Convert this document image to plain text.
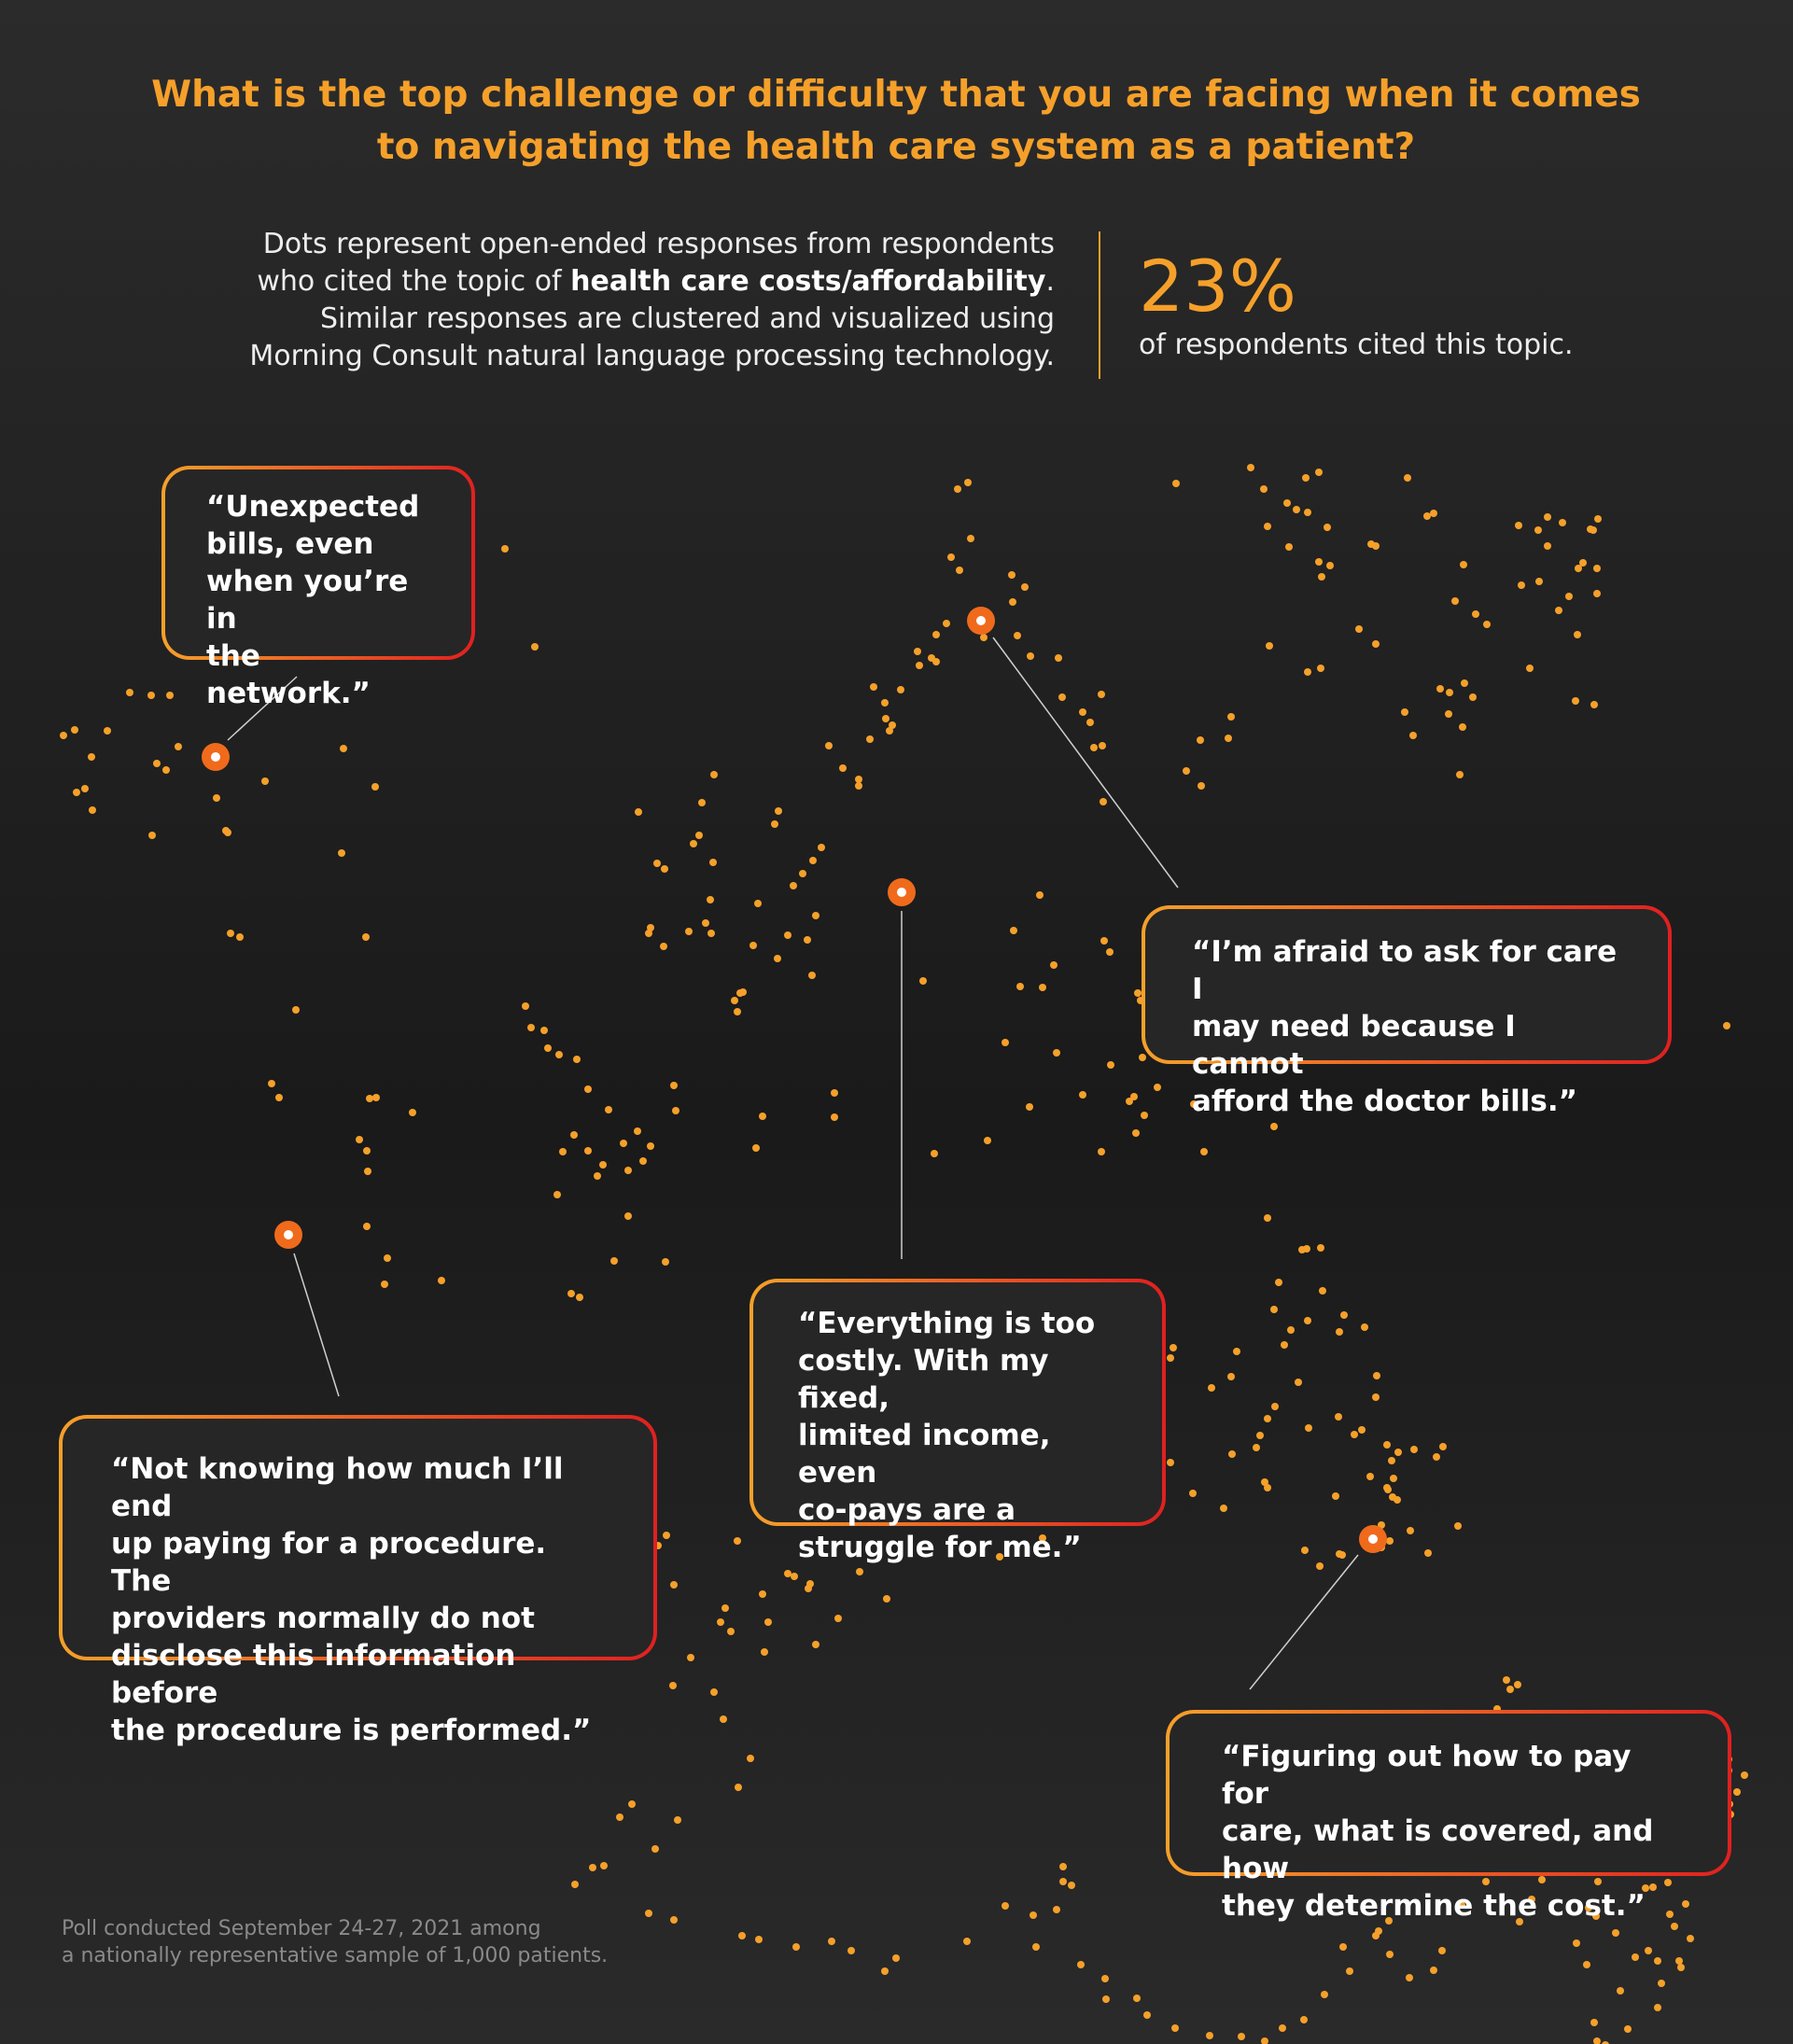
What is the top challenge or difficulty that you are facing when it comes to navigating the health care system as a patient?

Dots represent open-ended responses from respondents
who cited the topic of health care costs/affordability.
Similar responses are clustered and visualized using
Morning Consult natural language processing technology.

23%
of respondents cited this topic.

“Unexpected
bills, even
when you’re in
the network.”

“I’m afraid to ask for care I
may need because I cannot
afford the doctor bills.”

“Everything is too
costly. With my fixed,
limited income, even
co-pays are a
struggle for me.”

“Not knowing how much I’ll end
up paying for a procedure. The
providers normally do not
disclose this information before
the procedure is performed.”

“Figuring out how to pay for
care, what is covered, and how
they determine the cost.”

Poll conducted September 24-27, 2021 among
a nationally representative sample of 1,000 patients.
